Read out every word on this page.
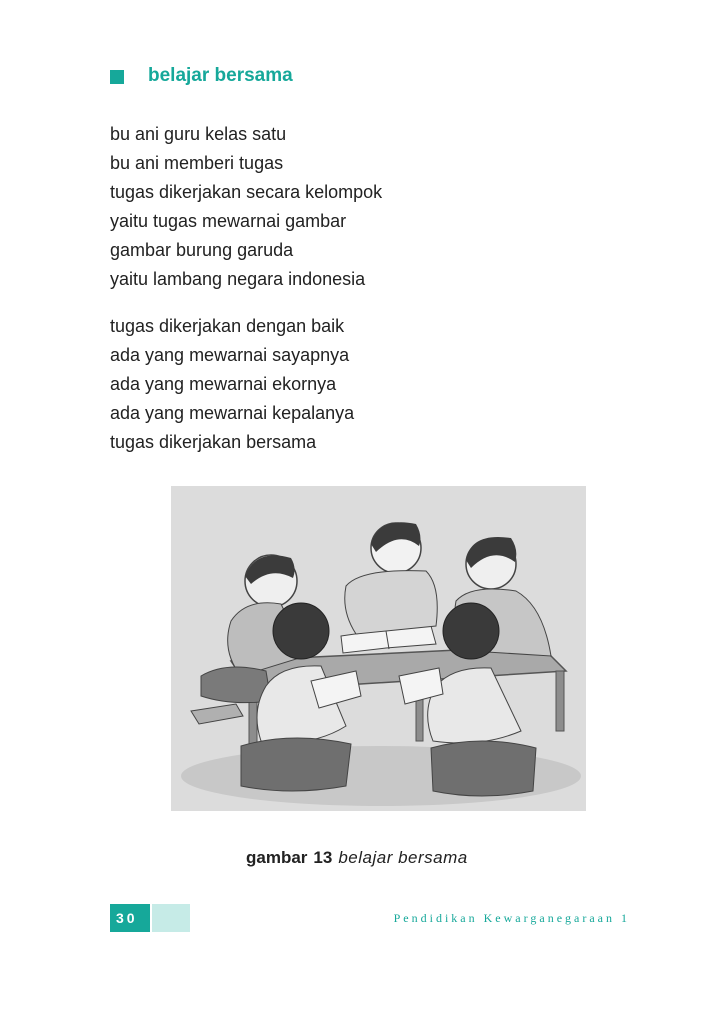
belajar bersama
bu ani guru kelas satu
bu ani memberi tugas
tugas dikerjakan secara kelompok
yaitu tugas mewarnai gambar
gambar burung garuda
yaitu lambang negara indonesia
tugas dikerjakan dengan baik
ada yang mewarnai sayapnya
ada yang mewarnai ekornya
ada yang mewarnai kepalanya
tugas dikerjakan bersama
gambar 13 belajar bersama
30	Pendidikan Kewarganegaraan 1
